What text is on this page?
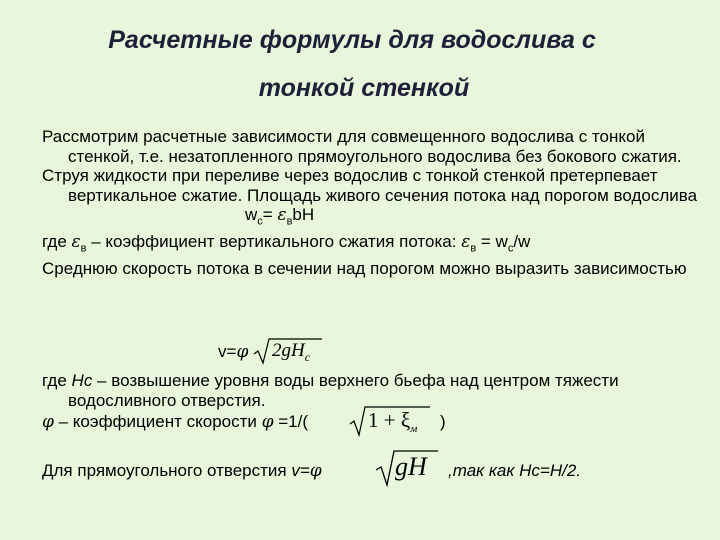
Расчетные формулы для водослива с
тонкой стенкой

Рассмотрим расчетные зависимости для совмещенного водослива с тонкой стенкой, т.е. незатопленного прямоугольного водослива без бокового сжатия.

Струя жидкости при переливе через водослив с тонкой стенкой претерпевает вертикальное сжатие. Площадь живого сечения потока над порогом водослива

$w_c= \varepsilon_вbH$

где $\varepsilon_в$ – коэффициент вертикального сжатия потока: $\varepsilon_в = w_c/w$

Среднюю скорость потока в сечении над порогом можно выразить зависимостью

v=φ $2gH_c$

где Hc – возвышение уровня воды верхнего бьефа над центром тяжести водосливного отверстия.

φ – коэффициент скорости φ =1/(	$1 + \xi_м$ )
Для прямоугольного отверстия v=φ	gH ,так как Hc=H/2.
